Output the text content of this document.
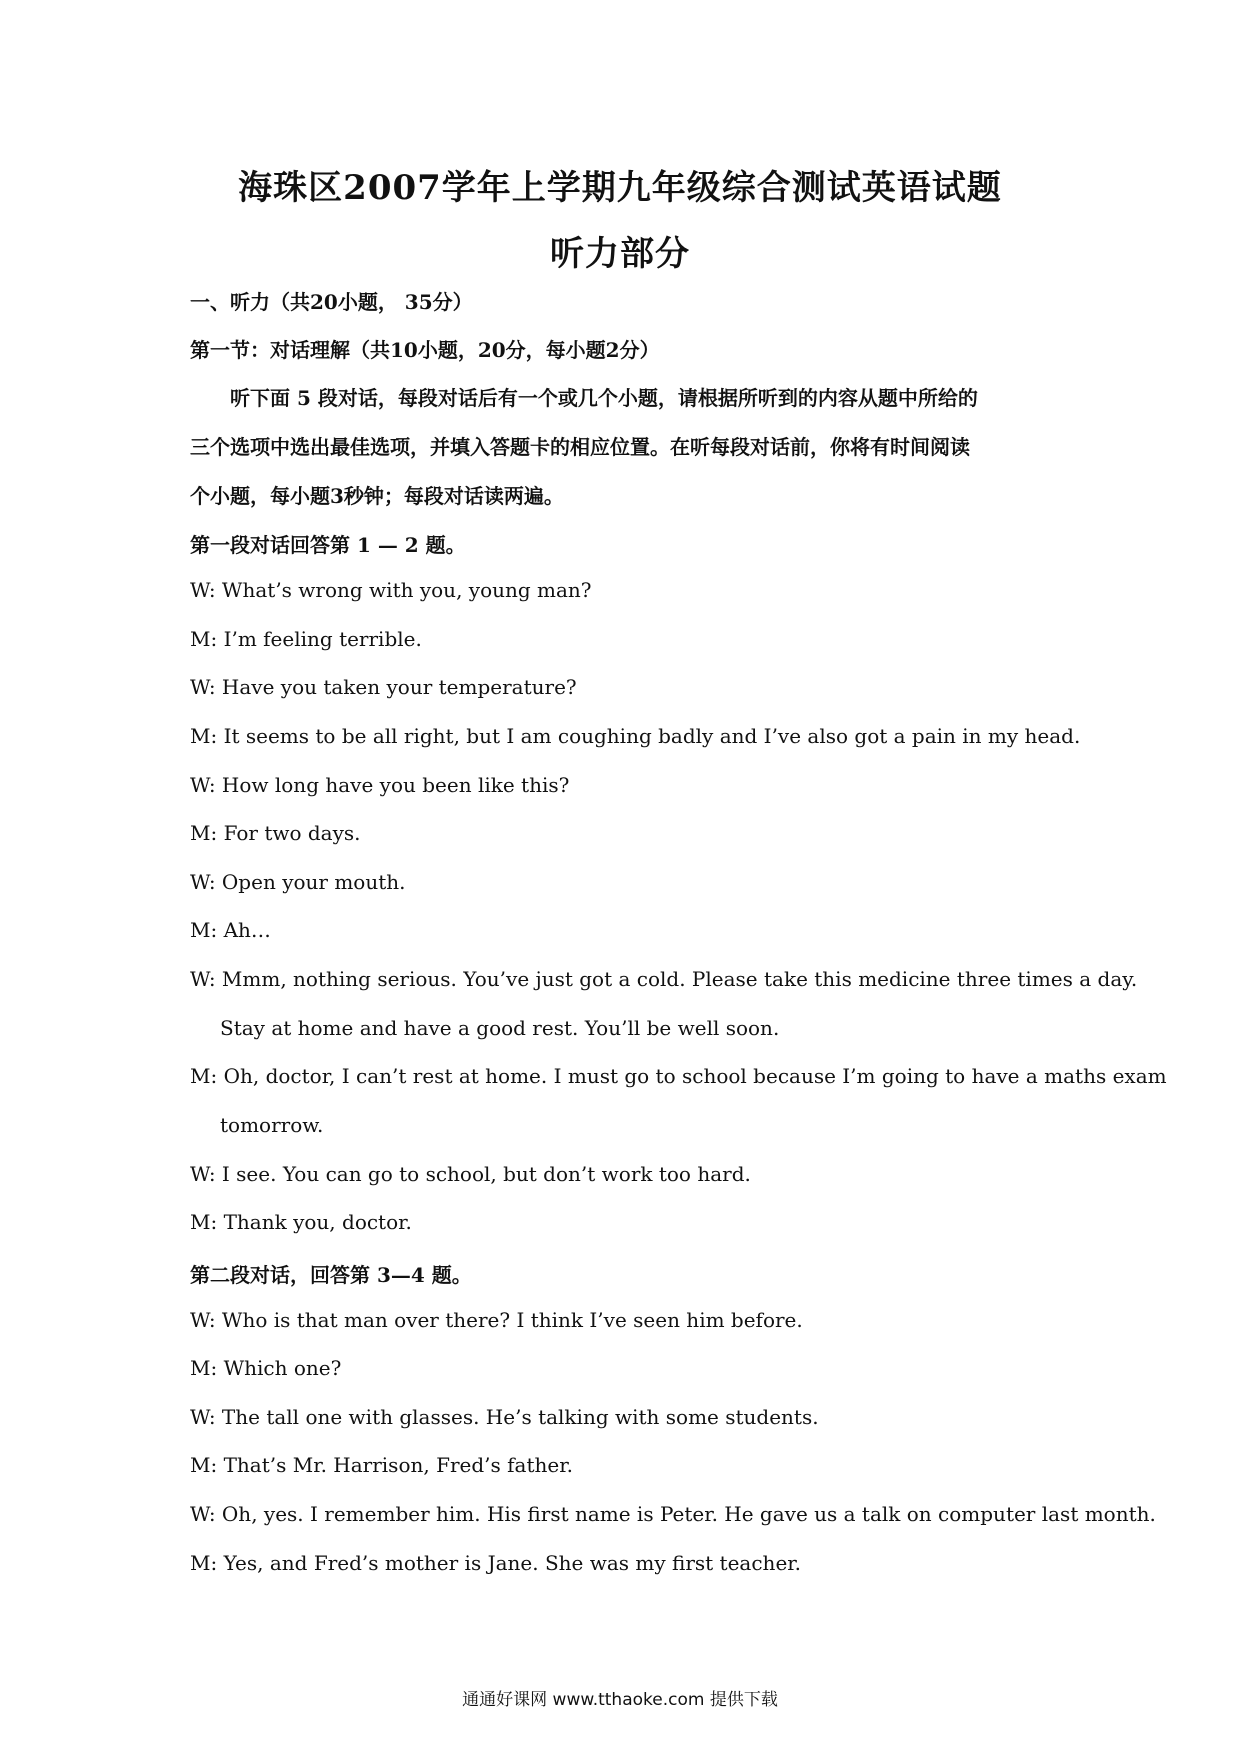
海珠区2007学年上学期九年级综合测试英语试题
听力部分
一、听力（共20小题， 35分）
第一节：对话理解（共10小题，20分，每小题2分）
听下面 5 段对话，每段对话后有一个或几个小题，请根据所听到的内容从题中所给的
三个选项中选出最佳选项，并填入答题卡的相应位置。在听每段对话前，你将有时间阅读
个小题，每小题3秒钟；每段对话读两遍。
第一段对话回答第 1 — 2 题。
W: What’s wrong with you, young man?
M: I’m feeling terrible.
W: Have you taken your temperature?
M: It seems to be all right, but I am coughing badly and I’ve also got a pain in my head.
W: How long have you been like this?
M: For two days.
W: Open your mouth.
M: Ah…
W: Mmm, nothing serious. You’ve just got a cold. Please take this medicine three times a day.
Stay at home and have a good rest. You’ll be well soon.
M: Oh, doctor, I can’t rest at home. I must go to school because I’m going to have a maths exam
tomorrow.
W: I see. You can go to school, but don’t work too hard.
M: Thank you, doctor.
第二段对话，回答第 3—4 题。
W: Who is that man over there? I think I’ve seen him before.
M: Which one?
W: The tall one with glasses. He’s talking with some students.
M: That’s Mr. Harrison, Fred’s father.
W: Oh, yes. I remember him. His first name is Peter. He gave us a talk on computer last month.
M: Yes, and Fred’s mother is Jane. She was my first teacher.
通通好课网 www.tthaoke.com 提供下载
